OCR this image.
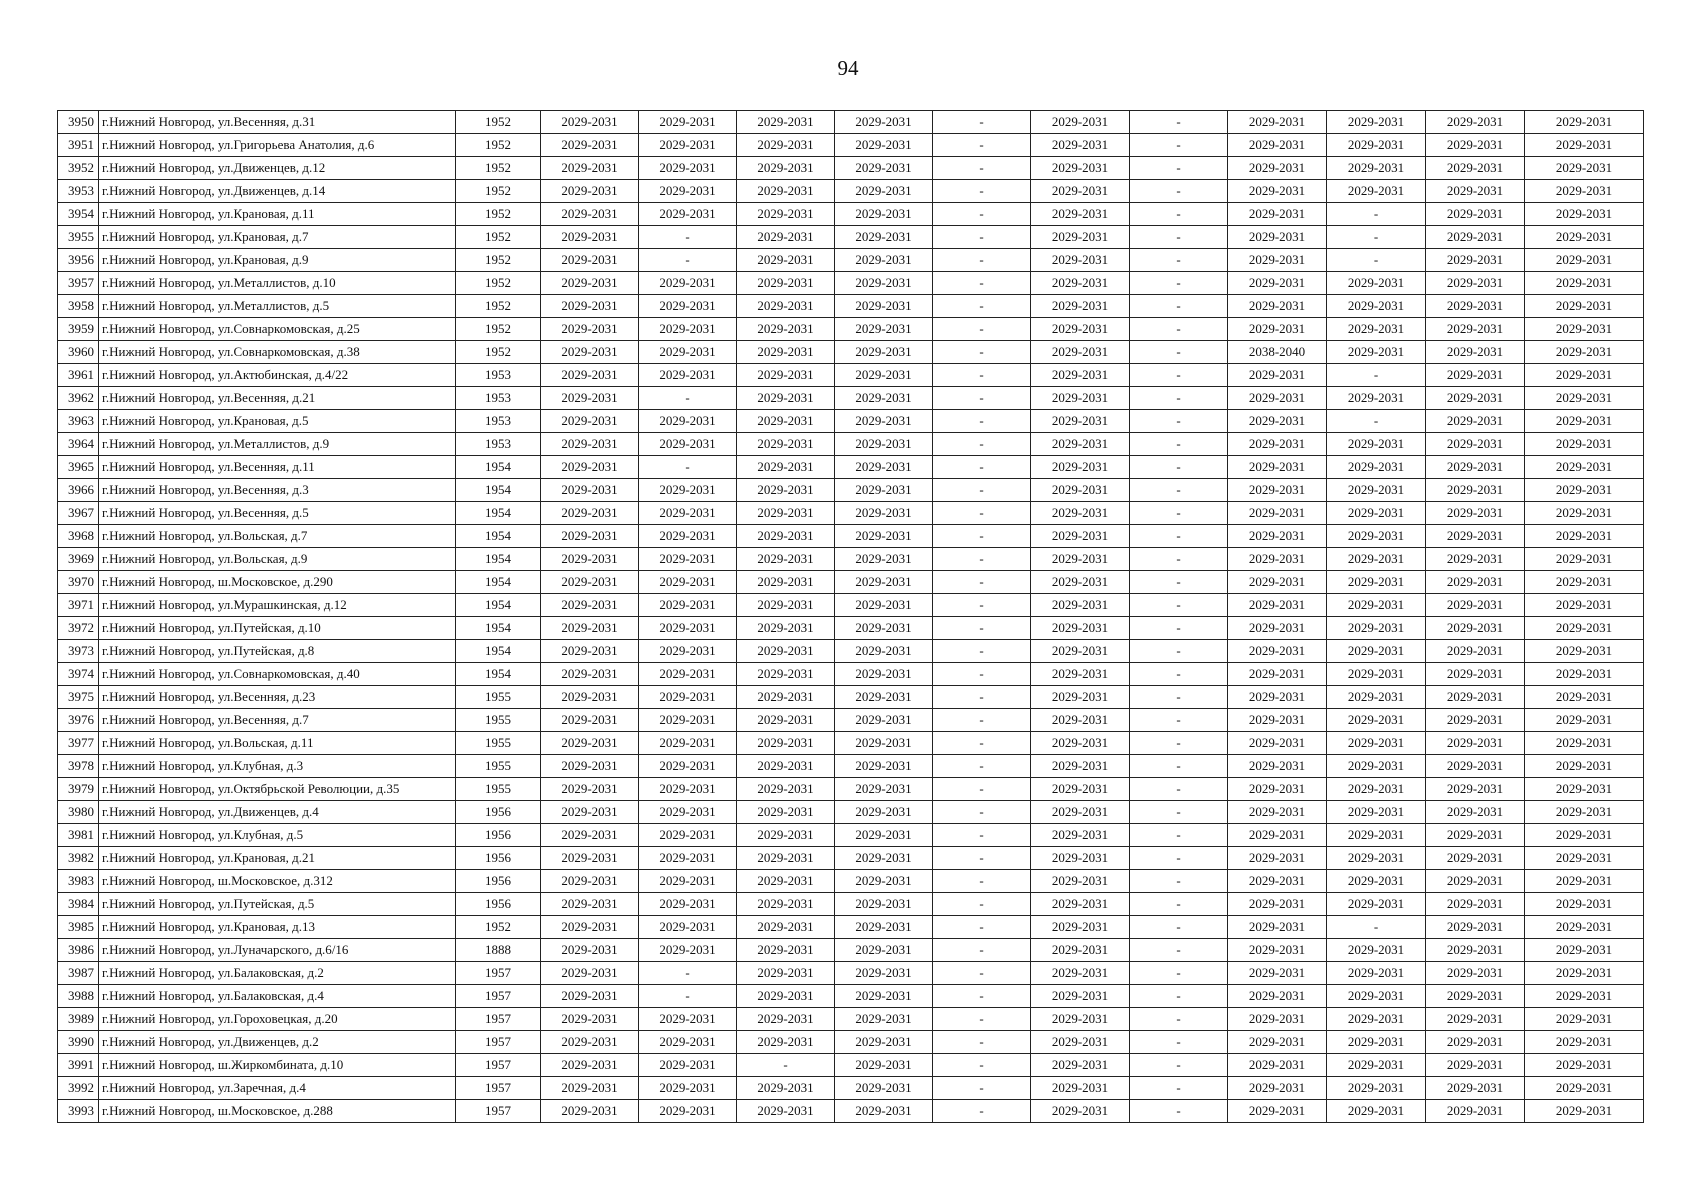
94
3950	г.Нижний Новгород, ул.Весенняя, д.31	1952	2029-2031	2029-2031	2029-2031	2029-2031	-	2029-2031	-	2029-2031	2029-2031	2029-2031	2029-2031
3951	г.Нижний Новгород, ул.Григорьева Анатолия, д.6	1952	2029-2031	2029-2031	2029-2031	2029-2031	-	2029-2031	-	2029-2031	2029-2031	2029-2031	2029-2031
3952	г.Нижний Новгород, ул.Движенцев, д.12	1952	2029-2031	2029-2031	2029-2031	2029-2031	-	2029-2031	-	2029-2031	2029-2031	2029-2031	2029-2031
3953	г.Нижний Новгород, ул.Движенцев, д.14	1952	2029-2031	2029-2031	2029-2031	2029-2031	-	2029-2031	-	2029-2031	2029-2031	2029-2031	2029-2031
3954	г.Нижний Новгород, ул.Крановая, д.11	1952	2029-2031	2029-2031	2029-2031	2029-2031	-	2029-2031	-	2029-2031	-	2029-2031	2029-2031
3955	г.Нижний Новгород, ул.Крановая, д.7	1952	2029-2031	-	2029-2031	2029-2031	-	2029-2031	-	2029-2031	-	2029-2031	2029-2031
3956	г.Нижний Новгород, ул.Крановая, д.9	1952	2029-2031	-	2029-2031	2029-2031	-	2029-2031	-	2029-2031	-	2029-2031	2029-2031
3957	г.Нижний Новгород, ул.Металлистов, д.10	1952	2029-2031	2029-2031	2029-2031	2029-2031	-	2029-2031	-	2029-2031	2029-2031	2029-2031	2029-2031
3958	г.Нижний Новгород, ул.Металлистов, д.5	1952	2029-2031	2029-2031	2029-2031	2029-2031	-	2029-2031	-	2029-2031	2029-2031	2029-2031	2029-2031
3959	г.Нижний Новгород, ул.Совнаркомовская, д.25	1952	2029-2031	2029-2031	2029-2031	2029-2031	-	2029-2031	-	2029-2031	2029-2031	2029-2031	2029-2031
3960	г.Нижний Новгород, ул.Совнаркомовская, д.38	1952	2029-2031	2029-2031	2029-2031	2029-2031	-	2029-2031	-	2038-2040	2029-2031	2029-2031	2029-2031
3961	г.Нижний Новгород, ул.Актюбинская, д.4/22	1953	2029-2031	2029-2031	2029-2031	2029-2031	-	2029-2031	-	2029-2031	-	2029-2031	2029-2031
3962	г.Нижний Новгород, ул.Весенняя, д.21	1953	2029-2031	-	2029-2031	2029-2031	-	2029-2031	-	2029-2031	2029-2031	2029-2031	2029-2031
3963	г.Нижний Новгород, ул.Крановая, д.5	1953	2029-2031	2029-2031	2029-2031	2029-2031	-	2029-2031	-	2029-2031	-	2029-2031	2029-2031
3964	г.Нижний Новгород, ул.Металлистов, д.9	1953	2029-2031	2029-2031	2029-2031	2029-2031	-	2029-2031	-	2029-2031	2029-2031	2029-2031	2029-2031
3965	г.Нижний Новгород, ул.Весенняя, д.11	1954	2029-2031	-	2029-2031	2029-2031	-	2029-2031	-	2029-2031	2029-2031	2029-2031	2029-2031
3966	г.Нижний Новгород, ул.Весенняя, д.3	1954	2029-2031	2029-2031	2029-2031	2029-2031	-	2029-2031	-	2029-2031	2029-2031	2029-2031	2029-2031
3967	г.Нижний Новгород, ул.Весенняя, д.5	1954	2029-2031	2029-2031	2029-2031	2029-2031	-	2029-2031	-	2029-2031	2029-2031	2029-2031	2029-2031
3968	г.Нижний Новгород, ул.Вольская, д.7	1954	2029-2031	2029-2031	2029-2031	2029-2031	-	2029-2031	-	2029-2031	2029-2031	2029-2031	2029-2031
3969	г.Нижний Новгород, ул.Вольская, д.9	1954	2029-2031	2029-2031	2029-2031	2029-2031	-	2029-2031	-	2029-2031	2029-2031	2029-2031	2029-2031
3970	г.Нижний Новгород, ш.Московское, д.290	1954	2029-2031	2029-2031	2029-2031	2029-2031	-	2029-2031	-	2029-2031	2029-2031	2029-2031	2029-2031
3971	г.Нижний Новгород, ул.Мурашкинская, д.12	1954	2029-2031	2029-2031	2029-2031	2029-2031	-	2029-2031	-	2029-2031	2029-2031	2029-2031	2029-2031
3972	г.Нижний Новгород, ул.Путейская, д.10	1954	2029-2031	2029-2031	2029-2031	2029-2031	-	2029-2031	-	2029-2031	2029-2031	2029-2031	2029-2031
3973	г.Нижний Новгород, ул.Путейская, д.8	1954	2029-2031	2029-2031	2029-2031	2029-2031	-	2029-2031	-	2029-2031	2029-2031	2029-2031	2029-2031
3974	г.Нижний Новгород, ул.Совнаркомовская, д.40	1954	2029-2031	2029-2031	2029-2031	2029-2031	-	2029-2031	-	2029-2031	2029-2031	2029-2031	2029-2031
3975	г.Нижний Новгород, ул.Весенняя, д.23	1955	2029-2031	2029-2031	2029-2031	2029-2031	-	2029-2031	-	2029-2031	2029-2031	2029-2031	2029-2031
3976	г.Нижний Новгород, ул.Весенняя, д.7	1955	2029-2031	2029-2031	2029-2031	2029-2031	-	2029-2031	-	2029-2031	2029-2031	2029-2031	2029-2031
3977	г.Нижний Новгород, ул.Вольская, д.11	1955	2029-2031	2029-2031	2029-2031	2029-2031	-	2029-2031	-	2029-2031	2029-2031	2029-2031	2029-2031
3978	г.Нижний Новгород, ул.Клубная, д.3	1955	2029-2031	2029-2031	2029-2031	2029-2031	-	2029-2031	-	2029-2031	2029-2031	2029-2031	2029-2031
3979	г.Нижний Новгород, ул.Октябрьской Революции, д.35	1955	2029-2031	2029-2031	2029-2031	2029-2031	-	2029-2031	-	2029-2031	2029-2031	2029-2031	2029-2031
3980	г.Нижний Новгород, ул.Движенцев, д.4	1956	2029-2031	2029-2031	2029-2031	2029-2031	-	2029-2031	-	2029-2031	2029-2031	2029-2031	2029-2031
3981	г.Нижний Новгород, ул.Клубная, д.5	1956	2029-2031	2029-2031	2029-2031	2029-2031	-	2029-2031	-	2029-2031	2029-2031	2029-2031	2029-2031
3982	г.Нижний Новгород, ул.Крановая, д.21	1956	2029-2031	2029-2031	2029-2031	2029-2031	-	2029-2031	-	2029-2031	2029-2031	2029-2031	2029-2031
3983	г.Нижний Новгород, ш.Московское, д.312	1956	2029-2031	2029-2031	2029-2031	2029-2031	-	2029-2031	-	2029-2031	2029-2031	2029-2031	2029-2031
3984	г.Нижний Новгород, ул.Путейская, д.5	1956	2029-2031	2029-2031	2029-2031	2029-2031	-	2029-2031	-	2029-2031	2029-2031	2029-2031	2029-2031
3985	г.Нижний Новгород, ул.Крановая, д.13	1952	2029-2031	2029-2031	2029-2031	2029-2031	-	2029-2031	-	2029-2031	-	2029-2031	2029-2031
3986	г.Нижний Новгород, ул.Луначарского, д.6/16	1888	2029-2031	2029-2031	2029-2031	2029-2031	-	2029-2031	-	2029-2031	2029-2031	2029-2031	2029-2031
3987	г.Нижний Новгород, ул.Балаковская, д.2	1957	2029-2031	-	2029-2031	2029-2031	-	2029-2031	-	2029-2031	2029-2031	2029-2031	2029-2031
3988	г.Нижний Новгород, ул.Балаковская, д.4	1957	2029-2031	-	2029-2031	2029-2031	-	2029-2031	-	2029-2031	2029-2031	2029-2031	2029-2031
3989	г.Нижний Новгород, ул.Гороховецкая, д.20	1957	2029-2031	2029-2031	2029-2031	2029-2031	-	2029-2031	-	2029-2031	2029-2031	2029-2031	2029-2031
3990	г.Нижний Новгород, ул.Движенцев, д.2	1957	2029-2031	2029-2031	2029-2031	2029-2031	-	2029-2031	-	2029-2031	2029-2031	2029-2031	2029-2031
3991	г.Нижний Новгород, ш.Жиркомбината, д.10	1957	2029-2031	2029-2031	-	2029-2031	-	2029-2031	-	2029-2031	2029-2031	2029-2031	2029-2031
3992	г.Нижний Новгород, ул.Заречная, д.4	1957	2029-2031	2029-2031	2029-2031	2029-2031	-	2029-2031	-	2029-2031	2029-2031	2029-2031	2029-2031
3993	г.Нижний Новгород, ш.Московское, д.288	1957	2029-2031	2029-2031	2029-2031	2029-2031	-	2029-2031	-	2029-2031	2029-2031	2029-2031	2029-2031
